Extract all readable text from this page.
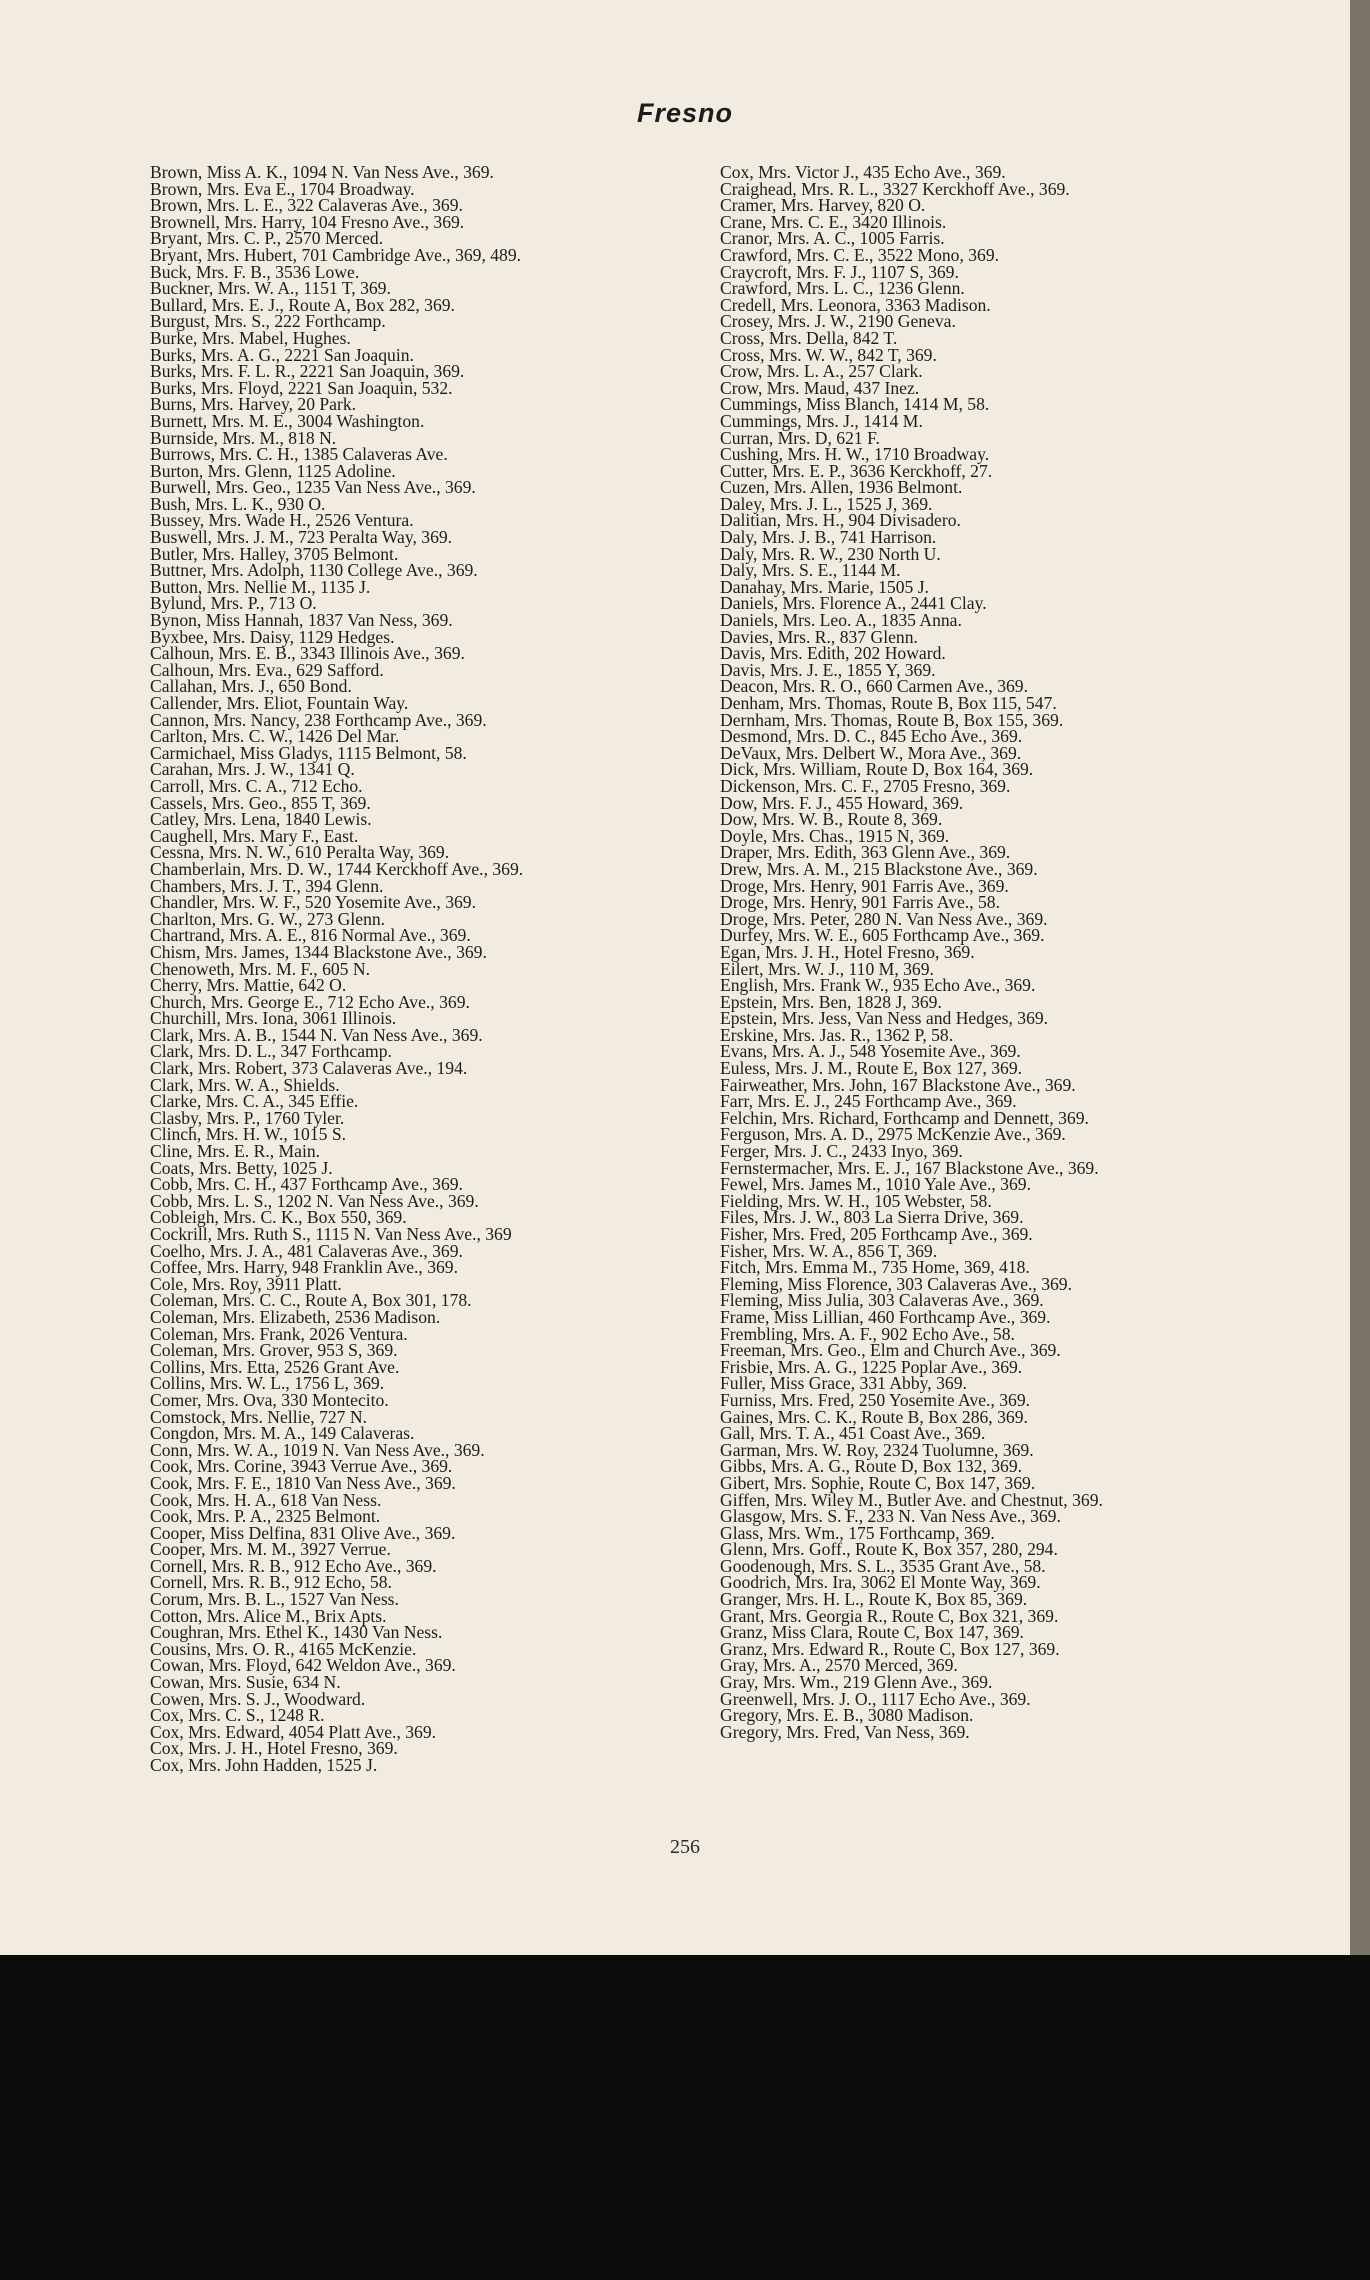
Fresno
Brown, Miss A. K., 1094 N. Van Ness Ave., 369.
Brown, Mrs. Eva E., 1704 Broadway.
Brown, Mrs. L. E., 322 Calaveras Ave., 369.
Brownell, Mrs. Harry, 104 Fresno Ave., 369.
Bryant, Mrs. C. P., 2570 Merced.
Bryant, Mrs. Hubert, 701 Cambridge Ave., 369, 489.
Buck, Mrs. F. B., 3536 Lowe.
Buckner, Mrs. W. A., 1151 T, 369.
Bullard, Mrs. E. J., Route A, Box 282, 369.
Burgust, Mrs. S., 222 Forthcamp.
Burke, Mrs. Mabel, Hughes.
Burks, Mrs. A. G., 2221 San Joaquin.
Burks, Mrs. F. L. R., 2221 San Joaquin, 369.
Burks, Mrs. Floyd, 2221 San Joaquin, 532.
Burns, Mrs. Harvey, 20 Park.
Burnett, Mrs. M. E., 3004 Washington.
Burnside, Mrs. M., 818 N.
Burrows, Mrs. C. H., 1385 Calaveras Ave.
Burton, Mrs. Glenn, 1125 Adoline.
Burwell, Mrs. Geo., 1235 Van Ness Ave., 369.
Bush, Mrs. L. K., 930 O.
Bussey, Mrs. Wade H., 2526 Ventura.
Buswell, Mrs. J. M., 723 Peralta Way, 369.
Butler, Mrs. Halley, 3705 Belmont.
Buttner, Mrs. Adolph, 1130 College Ave., 369.
Button, Mrs. Nellie M., 1135 J.
Bylund, Mrs. P., 713 O.
Bynon, Miss Hannah, 1837 Van Ness, 369.
Byxbee, Mrs. Daisy, 1129 Hedges.
Calhoun, Mrs. E. B., 3343 Illinois Ave., 369.
Calhoun, Mrs. Eva., 629 Safford.
Callahan, Mrs. J., 650 Bond.
Callender, Mrs. Eliot, Fountain Way.
Cannon, Mrs. Nancy, 238 Forthcamp Ave., 369.
Carlton, Mrs. C. W., 1426 Del Mar.
Carmichael, Miss Gladys, 1115 Belmont, 58.
Carahan, Mrs. J. W., 1341 Q.
Carroll, Mrs. C. A., 712 Echo.
Cassels, Mrs. Geo., 855 T, 369.
Catley, Mrs. Lena, 1840 Lewis.
Caughell, Mrs. Mary F., East.
Cessna, Mrs. N. W., 610 Peralta Way, 369.
Chamberlain, Mrs. D. W., 1744 Kerckhoff Ave., 369.
Chambers, Mrs. J. T., 394 Glenn.
Chandler, Mrs. W. F., 520 Yosemite Ave., 369.
Charlton, Mrs. G. W., 273 Glenn.
Chartrand, Mrs. A. E., 816 Normal Ave., 369.
Chism, Mrs. James, 1344 Blackstone Ave., 369.
Chenoweth, Mrs. M. F., 605 N.
Cherry, Mrs. Mattie, 642 O.
Church, Mrs. George E., 712 Echo Ave., 369.
Churchill, Mrs. Iona, 3061 Illinois.
Clark, Mrs. A. B., 1544 N. Van Ness Ave., 369.
Clark, Mrs. D. L., 347 Forthcamp.
Clark, Mrs. Robert, 373 Calaveras Ave., 194.
Clark, Mrs. W. A., Shields.
Clarke, Mrs. C. A., 345 Effie.
Clasby, Mrs. P., 1760 Tyler.
Clinch, Mrs. H. W., 1015 S.
Cline, Mrs. E. R., Main.
Coats, Mrs. Betty, 1025 J.
Cobb, Mrs. C. H., 437 Forthcamp Ave., 369.
Cobb, Mrs. L. S., 1202 N. Van Ness Ave., 369.
Cobleigh, Mrs. C. K., Box 550, 369.
Cockrill, Mrs. Ruth S., 1115 N. Van Ness Ave., 369
Coelho, Mrs. J. A., 481 Calaveras Ave., 369.
Coffee, Mrs. Harry, 948 Franklin Ave., 369.
Cole, Mrs. Roy, 3911 Platt.
Coleman, Mrs. C. C., Route A, Box 301, 178.
Coleman, Mrs. Elizabeth, 2536 Madison.
Coleman, Mrs. Frank, 2026 Ventura.
Coleman, Mrs. Grover, 953 S, 369.
Collins, Mrs. Etta, 2526 Grant Ave.
Collins, Mrs. W. L., 1756 L, 369.
Comer, Mrs. Ova, 330 Montecito.
Comstock, Mrs. Nellie, 727 N.
Congdon, Mrs. M. A., 149 Calaveras.
Conn, Mrs. W. A., 1019 N. Van Ness Ave., 369.
Cook, Mrs. Corine, 3943 Verrue Ave., 369.
Cook, Mrs. F. E., 1810 Van Ness Ave., 369.
Cook, Mrs. H. A., 618 Van Ness.
Cook, Mrs. P. A., 2325 Belmont.
Cooper, Miss Delfina, 831 Olive Ave., 369.
Cooper, Mrs. M. M., 3927 Verrue.
Cornell, Mrs. R. B., 912 Echo Ave., 369.
Cornell, Mrs. R. B., 912 Echo, 58.
Corum, Mrs. B. L., 1527 Van Ness.
Cotton, Mrs. Alice M., Brix Apts.
Coughran, Mrs. Ethel K., 1430 Van Ness.
Cousins, Mrs. O. R., 4165 McKenzie.
Cowan, Mrs. Floyd, 642 Weldon Ave., 369.
Cowan, Mrs. Susie, 634 N.
Cowen, Mrs. S. J., Woodward.
Cox, Mrs. C. S., 1248 R.
Cox, Mrs. Edward, 4054 Platt Ave., 369.
Cox, Mrs. J. H., Hotel Fresno, 369.
Cox, Mrs. John Hadden, 1525 J.
Cox, Mrs. Victor J., 435 Echo Ave., 369.
Craighead, Mrs. R. L., 3327 Kerckhoff Ave., 369.
Cramer, Mrs. Harvey, 820 O.
Crane, Mrs. C. E., 3420 Illinois.
Cranor, Mrs. A. C., 1005 Farris.
Crawford, Mrs. C. E., 3522 Mono, 369.
Craycroft, Mrs. F. J., 1107 S, 369.
Crawford, Mrs. L. C., 1236 Glenn.
Credell, Mrs. Leonora, 3363 Madison.
Crosey, Mrs. J. W., 2190 Geneva.
Cross, Mrs. Della, 842 T.
Cross, Mrs. W. W., 842 T, 369.
Crow, Mrs. L. A., 257 Clark.
Crow, Mrs. Maud, 437 Inez.
Cummings, Miss Blanch, 1414 M, 58.
Cummings, Mrs. J., 1414 M.
Curran, Mrs. D, 621 F.
Cushing, Mrs. H. W., 1710 Broadway.
Cutter, Mrs. E. P., 3636 Kerckhoff, 27.
Cuzen, Mrs. Allen, 1936 Belmont.
Daley, Mrs. J. L., 1525 J, 369.
Dalitian, Mrs. H., 904 Divisadero.
Daly, Mrs. J. B., 741 Harrison.
Daly, Mrs. R. W., 230 North U.
Daly, Mrs. S. E., 1144 M.
Danahay, Mrs. Marie, 1505 J.
Daniels, Mrs. Florence A., 2441 Clay.
Daniels, Mrs. Leo. A., 1835 Anna.
Davies, Mrs. R., 837 Glenn.
Davis, Mrs. Edith, 202 Howard.
Davis, Mrs. J. E., 1855 Y, 369.
Deacon, Mrs. R. O., 660 Carmen Ave., 369.
Denham, Mrs. Thomas, Route B, Box 115, 547.
Dernham, Mrs. Thomas, Route B, Box 155, 369.
Desmond, Mrs. D. C., 845 Echo Ave., 369.
DeVaux, Mrs. Delbert W., Mora Ave., 369.
Dick, Mrs. William, Route D, Box 164, 369.
Dickenson, Mrs. C. F., 2705 Fresno, 369.
Dow, Mrs. F. J., 455 Howard, 369.
Dow, Mrs. W. B., Route 8, 369.
Doyle, Mrs. Chas., 1915 N, 369.
Draper, Mrs. Edith, 363 Glenn Ave., 369.
Drew, Mrs. A. M., 215 Blackstone Ave., 369.
Droge, Mrs. Henry, 901 Farris Ave., 369.
Droge, Mrs. Henry, 901 Farris Ave., 58.
Droge, Mrs. Peter, 280 N. Van Ness Ave., 369.
Durfey, Mrs. W. E., 605 Forthcamp Ave., 369.
Egan, Mrs. J. H., Hotel Fresno, 369.
Eilert, Mrs. W. J., 110 M, 369.
English, Mrs. Frank W., 935 Echo Ave., 369.
Epstein, Mrs. Ben, 1828 J, 369.
Epstein, Mrs. Jess, Van Ness and Hedges, 369.
Erskine, Mrs. Jas. R., 1362 P, 58.
Evans, Mrs. A. J., 548 Yosemite Ave., 369.
Euless, Mrs. J. M., Route E, Box 127, 369.
Fairweather, Mrs. John, 167 Blackstone Ave., 369.
Farr, Mrs. E. J., 245 Forthcamp Ave., 369.
Felchin, Mrs. Richard, Forthcamp and Dennett, 369.
Ferguson, Mrs. A. D., 2975 McKenzie Ave., 369.
Ferger, Mrs. J. C., 2433 Inyo, 369.
Fernstermacher, Mrs. E. J., 167 Blackstone Ave., 369.
Fewel, Mrs. James M., 1010 Yale Ave., 369.
Fielding, Mrs. W. H., 105 Webster, 58.
Files, Mrs. J. W., 803 La Sierra Drive, 369.
Fisher, Mrs. Fred, 205 Forthcamp Ave., 369.
Fisher, Mrs. W. A., 856 T, 369.
Fitch, Mrs. Emma M., 735 Home, 369, 418.
Fleming, Miss Florence, 303 Calaveras Ave., 369.
Fleming, Miss Julia, 303 Calaveras Ave., 369.
Frame, Miss Lillian, 460 Forthcamp Ave., 369.
Frembling, Mrs. A. F., 902 Echo Ave., 58.
Freeman, Mrs. Geo., Elm and Church Ave., 369.
Frisbie, Mrs. A. G., 1225 Poplar Ave., 369.
Fuller, Miss Grace, 331 Abby, 369.
Furniss, Mrs. Fred, 250 Yosemite Ave., 369.
Gaines, Mrs. C. K., Route B, Box 286, 369.
Gall, Mrs. T. A., 451 Coast Ave., 369.
Garman, Mrs. W. Roy, 2324 Tuolumne, 369.
Gibbs, Mrs. A. G., Route D, Box 132, 369.
Gibert, Mrs. Sophie, Route C, Box 147, 369.
Giffen, Mrs. Wiley M., Butler Ave. and Chestnut, 369.
Glasgow, Mrs. S. F., 233 N. Van Ness Ave., 369.
Glass, Mrs. Wm., 175 Forthcamp, 369.
Glenn, Mrs. Goff., Route K, Box 357, 280, 294.
Goodenough, Mrs. S. L., 3535 Grant Ave., 58.
Goodrich, Mrs. Ira, 3062 El Monte Way, 369.
Granger, Mrs. H. L., Route K, Box 85, 369.
Grant, Mrs. Georgia R., Route C, Box 321, 369.
Granz, Miss Clara, Route C, Box 147, 369.
Granz, Mrs. Edward R., Route C, Box 127, 369.
Gray, Mrs. A., 2570 Merced, 369.
Gray, Mrs. Wm., 219 Glenn Ave., 369.
Greenwell, Mrs. J. O., 1117 Echo Ave., 369.
Gregory, Mrs. E. B., 3080 Madison.
Gregory, Mrs. Fred, Van Ness, 369.
256
